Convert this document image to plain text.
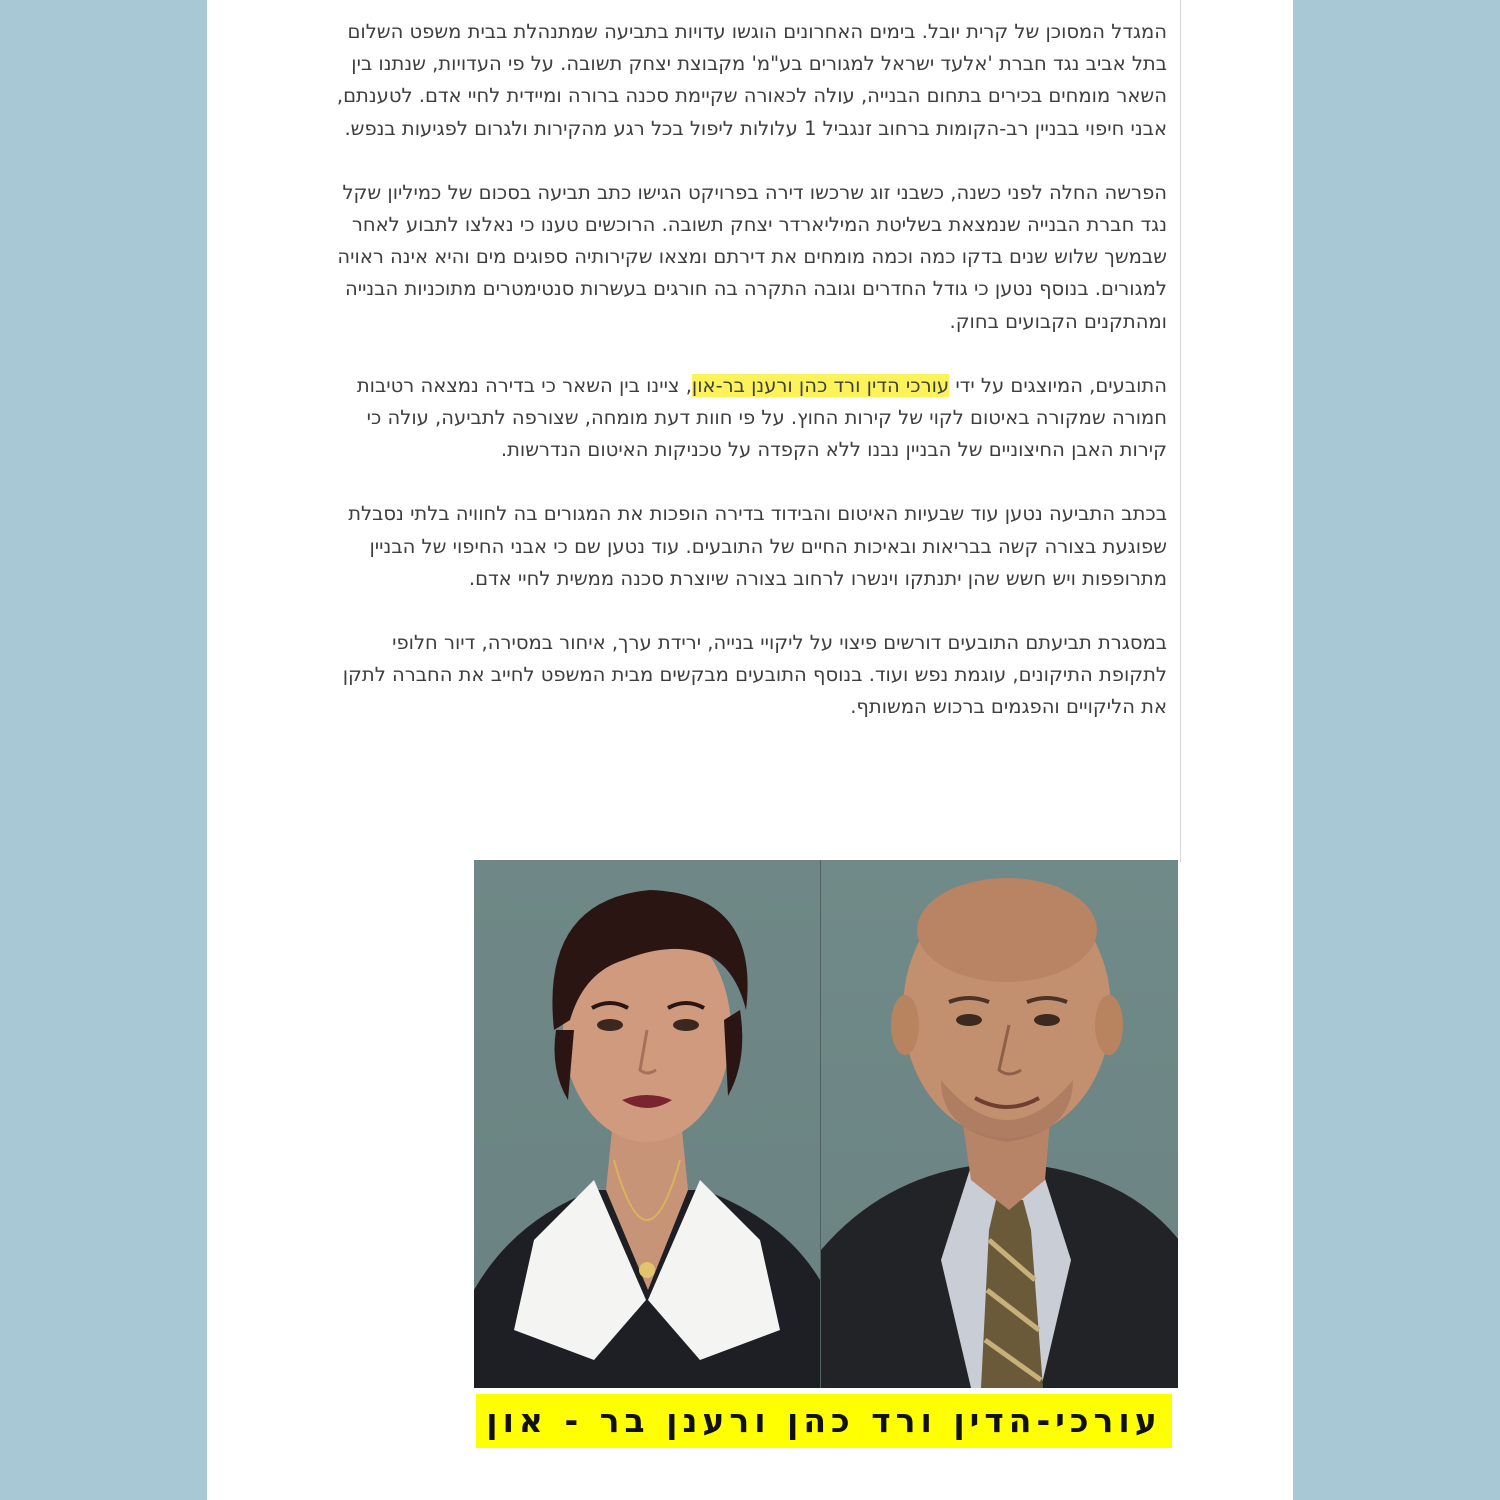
המגדל המסוכן של קרית יובל. בימים האחרונים הוגשו עדויות בתביעה שמתנהלת בבית משפט השלום בתל אביב נגד חברת 'אלעד ישראל למגורים בע"מ' מקבוצת יצחק תשובה. על פי העדויות, שנתנו בין השאר מומחים בכירים בתחום הבנייה, עולה לכאורה שקיימת סכנה ברורה ומיידית לחיי אדם. לטענתם, אבני חיפוי בבניין רב-הקומות ברחוב זנגביל 1 עלולות ליפול בכל רגע מהקירות ולגרום לפגיעות בנפש.

הפרשה החלה לפני כשנה, כשבני זוג שרכשו דירה בפרויקט הגישו כתב תביעה בסכום של כמיליון שקל נגד חברת הבנייה שנמצאת בשליטת המיליארדר יצחק תשובה. הרוכשים טענו כי נאלצו לתבוע לאחר שבמשך שלוש שנים בדקו כמה וכמה מומחים את דירתם ומצאו שקירותיה ספוגים מים והיא אינה ראויה למגורים. בנוסף נטען כי גודל החדרים וגובה התקרה בה חורגים בעשרות סנטימטרים מתוכניות הבנייה ומהתקנים הקבועים בחוק.

התובעים, המיוצגים על ידי עורכי הדין ורד כהן ורענן בר-און, ציינו בין השאר כי בדירה נמצאה רטיבות חמורה שמקורה באיטום לקוי של קירות החוץ. על פי חוות דעת מומחה, שצורפה לתביעה, עולה כי קירות האבן החיצוניים של הבניין נבנו ללא הקפדה על טכניקות האיטום הנדרשות.

בכתב התביעה נטען עוד שבעיות האיטום והבידוד בדירה הופכות את המגורים בה לחוויה בלתי נסבלת שפוגעת בצורה קשה בבריאות ובאיכות החיים של התובעים. עוד נטען שם כי אבני החיפוי של הבניין מתרופפות ויש חשש שהן יתנתקו וינשרו לרחוב בצורה שיוצרת סכנה ממשית לחיי אדם.

במסגרת תביעתם התובעים דורשים פיצוי על ליקויי בנייה, ירידת ערך, איחור במסירה, דיור חלופי לתקופת התיקונים, עוגמת נפש ועוד. בנוסף התובעים מבקשים מבית המשפט לחייב את החברה לתקן את הליקויים והפגמים ברכוש המשותף.

עורכי-הדין ורד כהן ורענן בר - און
